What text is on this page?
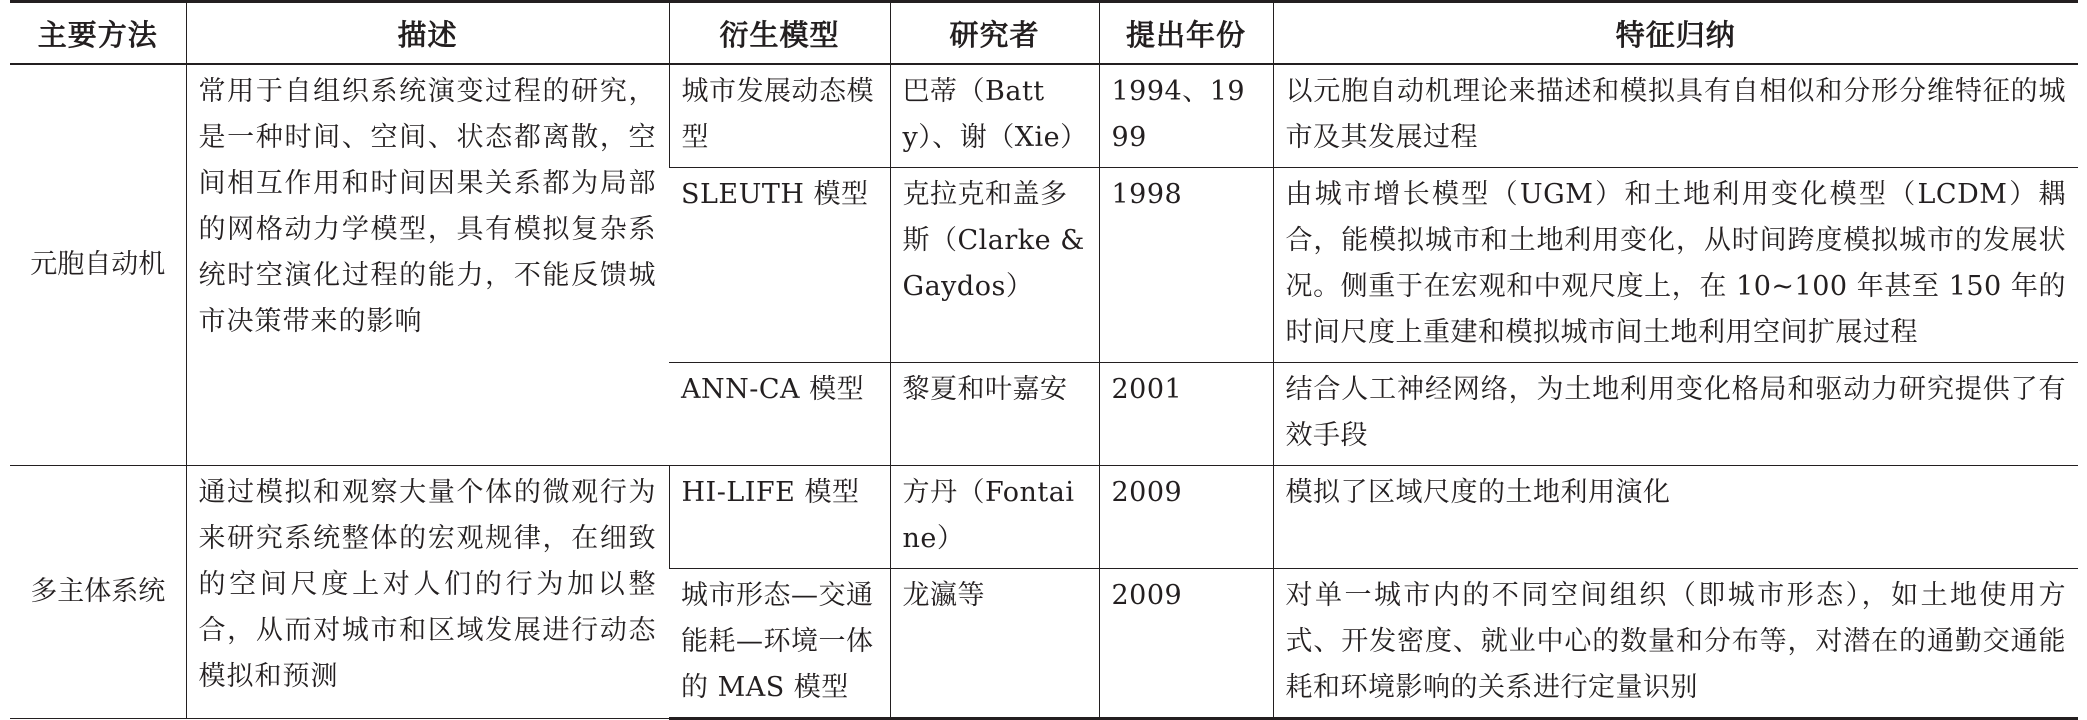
主要方法	描述	衍生模型	研究者	提出年份	特征归纳
元胞自动机	常用于自组织系统演变过程的研究，是一种时间、空间、状态都离散，空间相互作用和时间因果关系都为局部的网格动力学模型，具有模拟复杂系统时空演化过程的能力，不能反馈城市决策带来的影响	城市发展动态模型	巴蒂（Batty）、谢（Xie）	1994、1999	以元胞自动机理论来描述和模拟具有自相似和分形分维特征的城市及其发展过程
		SLEUTH 模型	克拉克和盖多斯（Clarke & Gaydos）	1998	由城市增长模型（UGM）和土地利用变化模型（LCDM）耦合，能模拟城市和土地利用变化，从时间跨度模拟城市的发展状况。侧重于在宏观和中观尺度上，在 10~100 年甚至 150 年的时间尺度上重建和模拟城市间土地利用空间扩展过程
		ANN-CA 模型	黎夏和叶嘉安	2001	结合人工神经网络，为土地利用变化格局和驱动力研究提供了有效手段
多主体系统	通过模拟和观察大量个体的微观行为来研究系统整体的宏观规律，在细致的空间尺度上对人们的行为加以整合，从而对城市和区域发展进行动态模拟和预测	HI-LIFE 模型	方丹（Fontaine）	2009	模拟了区域尺度的土地利用演化
		城市形态—交通能耗—环境一体的 MAS 模型	龙瀛等	2009	对单一城市内的不同空间组织（即城市形态），如土地使用方式、开发密度、就业中心的数量和分布等，对潜在的通勤交通能耗和环境影响的关系进行定量识别
